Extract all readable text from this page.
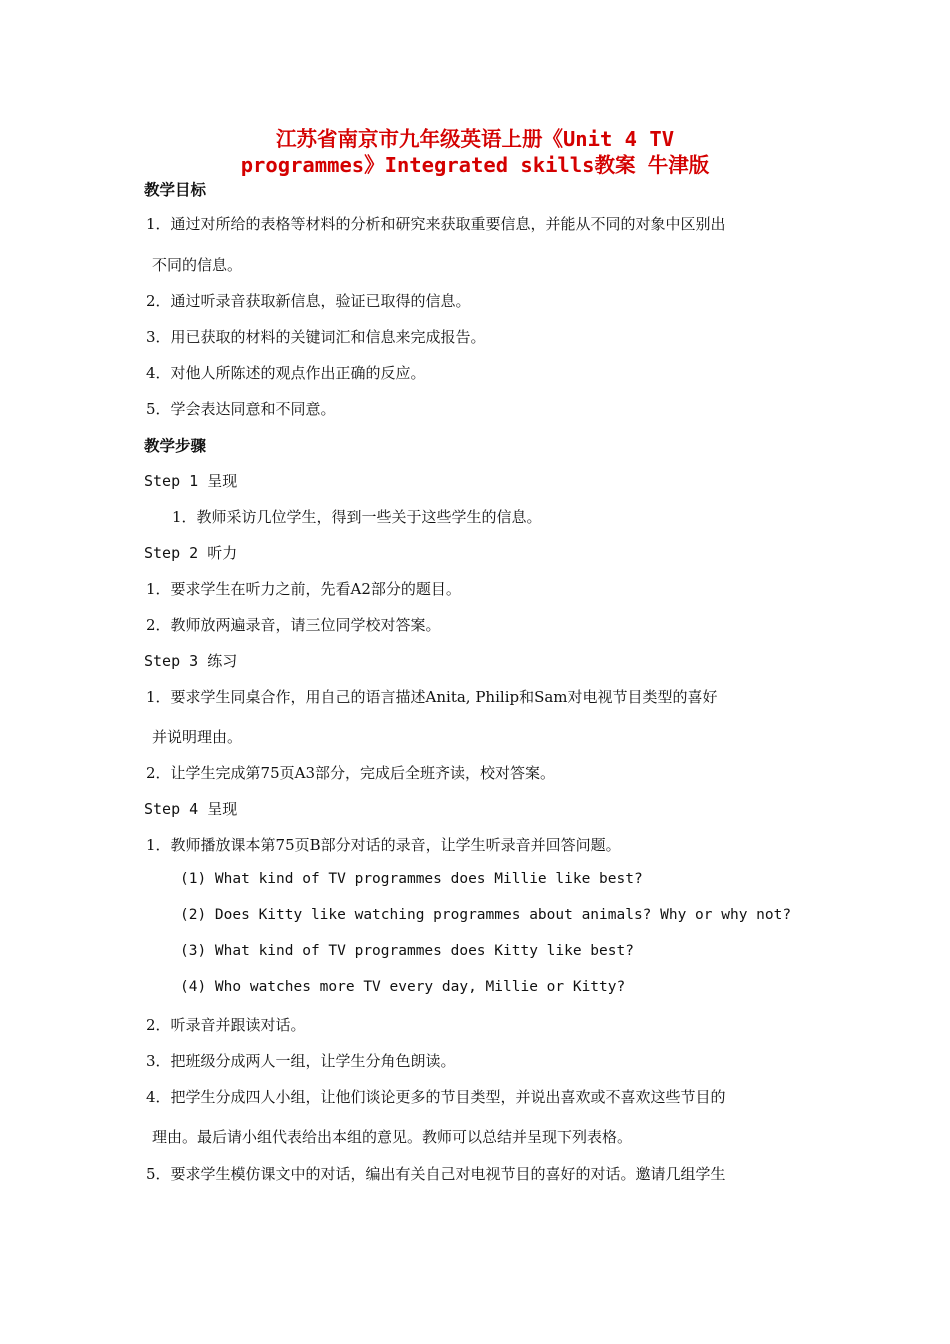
江苏省南京市九年级英语上册《Unit 4 TV
programmes》Integrated skills教案 牛津版
教学目标
1．通过对所给的表格等材料的分析和研究来获取重要信息，并能从不同的对象中区别出
不同的信息。
2．通过听录音获取新信息，验证已取得的信息。
3．用已获取的材料的关键词汇和信息来完成报告。
4．对他人所陈述的观点作出正确的反应。
5．学会表达同意和不同意。
教学步骤
Step 1 呈现
1．教师采访几位学生，得到一些关于这些学生的信息。
Step 2 听力
1．要求学生在听力之前，先看A2部分的题目。
2．教师放两遍录音，请三位同学校对答案。
Step 3 练习
1．要求学生同桌合作，用自己的语言描述Anita, Philip和Sam对电视节目类型的喜好
并说明理由。
2．让学生完成第75页A3部分，完成后全班齐读，校对答案。
Step 4 呈现
1．教师播放课本第75页B部分对话的录音，让学生听录音并回答问题。
(1) What kind of TV programmes does Millie like best?
(2) Does Kitty like watching programmes about animals? Why or why not?
(3) What kind of TV programmes does Kitty like best?
(4) Who watches more TV every day, Millie or Kitty?
2．听录音并跟读对话。
3．把班级分成两人一组，让学生分角色朗读。
4．把学生分成四人小组，让他们谈论更多的节目类型，并说出喜欢或不喜欢这些节目的
理由。最后请小组代表给出本组的意见。教师可以总结并呈现下列表格。
5．要求学生模仿课文中的对话，编出有关自己对电视节目的喜好的对话。邀请几组学生
